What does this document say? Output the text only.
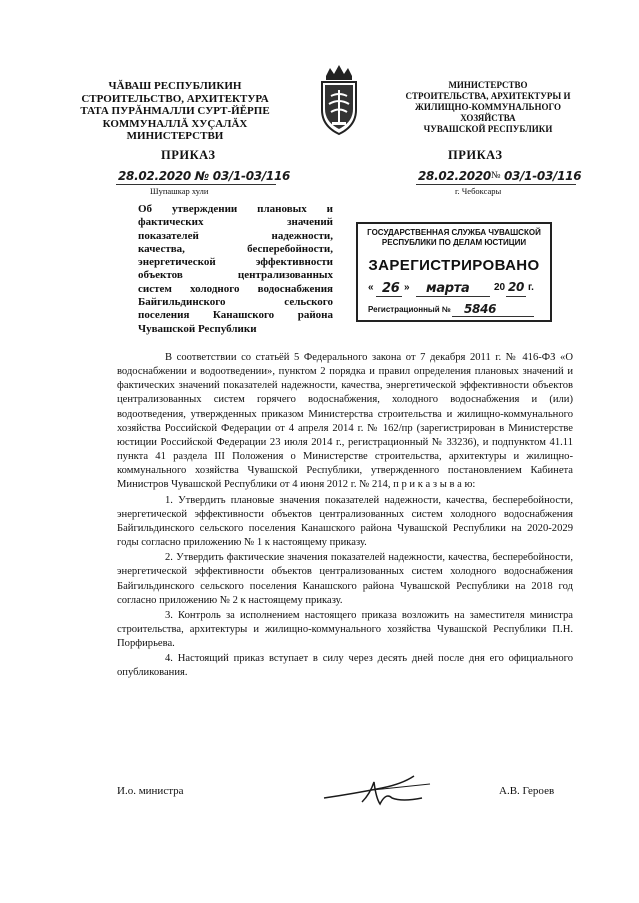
ЧĂВАШ РЕСПУБЛИКИН
СТРОИТЕЛЬСТВО, АРХИТЕКТУРА
ТАТА ПУРĂНМАЛЛИ СУРТ-ЙĔРПЕ
КОММУНАЛЛĂ ХУÇАЛĂХ
МИНИСТЕРСТВИ
МИНИСТЕРСТВО
СТРОИТЕЛЬСТВА, АРХИТЕКТУРЫ И
ЖИЛИЩНО-КОММУНАЛЬНОГО ХОЗЯЙСТВА
ЧУВАШСКОЙ РЕСПУБЛИКИ
ПРИКАЗ
28.02.2020 № 03/1-03/116
Шупашкар хули
ПРИКАЗ
28.02.2020 № 03/1-03/116
г. Чебоксары
Об утверждении плановых и
фактических значений
показателей надежности,
качества, бесперебойности,
энергетической эффективности
объектов централизованных
систем холодного водоснабжения
Байгильдинского сельского
поселения Канашского района
Чувашской Республики
ГОСУДАРСТВЕННАЯ СЛУЖБА ЧУВАШСКОЙ
РЕСПУБЛИКИ ПО ДЕЛАМ ЮСТИЦИИ
ЗАРЕГИСТРИРОВАНО
« 26 » марта 20 20 г.
Регистрационный № 5846

В соответствии со статьёй 5 Федерального закона от 7 декабря 2011 г. № 416-ФЗ «О водоснабжении и водоотведении», пунктом 2 порядка и правил определения плановых значений и фактических значений показателей надежности, качества, энергетической эффективности объектов централизованных систем горячего водоснабжения, холодного водоснабжения и (или) водоотведения, утвержденных приказом Министерства строительства и жилищно-коммунального хозяйства Российской Федерации от 4 апреля 2014 г. № 162/пр (зарегистрирован в Министерстве юстиции Российской Федерации 23 июля 2014 г., регистрационный № 33236), и подпунктом 41.11 пункта 41 раздела III Положения о Министерстве строительства, архитектуры и жилищно-коммунального хозяйства Чувашской Республики, утвержденного постановлением Кабинета Министров Чувашской Республики от 4 июня 2012 г. № 214, п р и к а з ы в а ю:

1. Утвердить плановые значения показателей надежности, качества, бесперебойности, энергетической эффективности объектов централизованных систем холодного водоснабжения Байгильдинского сельского поселения Канашского района Чувашской Республики на 2020-2029 годы согласно приложению № 1 к настоящему приказу.

2. Утвердить фактические значения показателей надежности, качества, бесперебойности, энергетической эффективности объектов централизованных систем холодного водоснабжения Байгильдинского сельского поселения Канашского района Чувашской Республики на 2018 год согласно приложению № 2 к настоящему приказу.

3. Контроль за исполнением настоящего приказа возложить на заместителя министра строительства, архитектуры и жилищно-коммунального хозяйства Чувашской Республики П.Н. Порфирьева.

4. Настоящий приказ вступает в силу через десять дней после дня его официального опубликования.

И.о. министра	А.В. Героев
